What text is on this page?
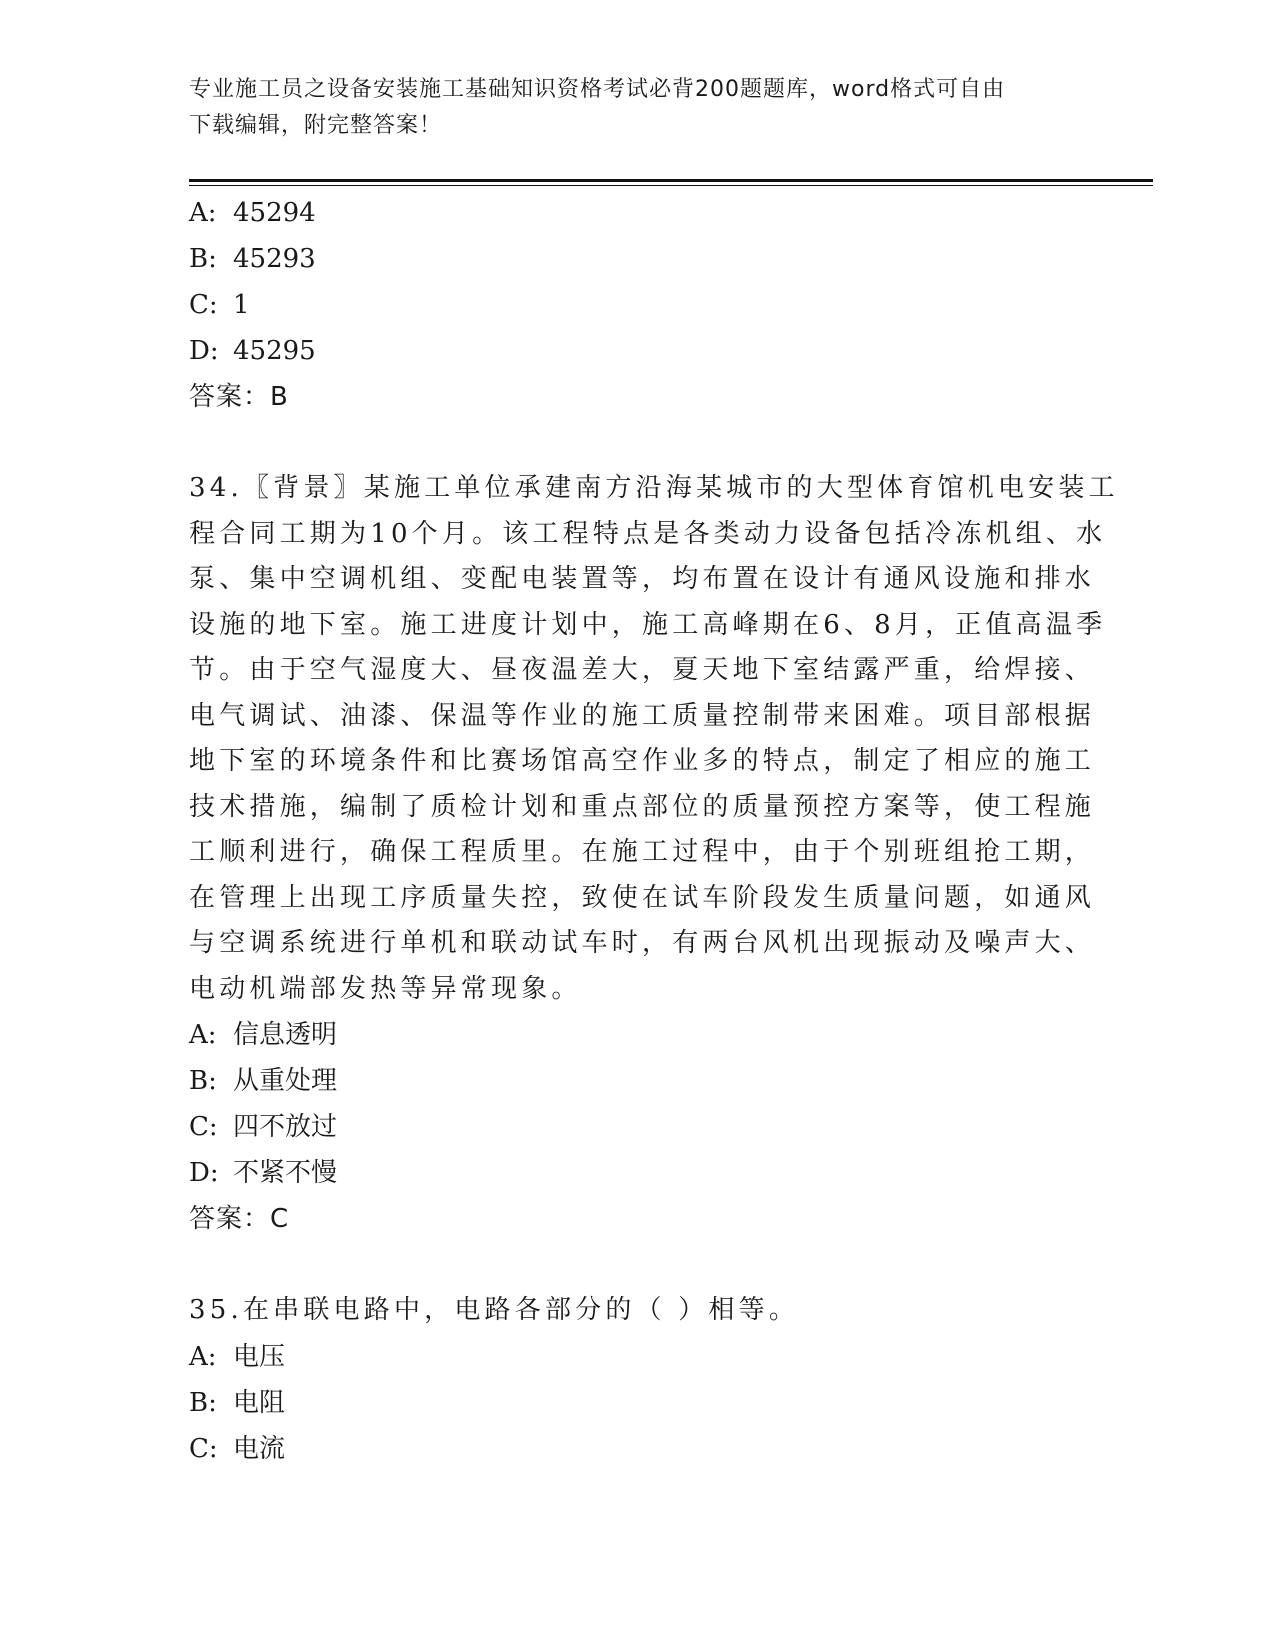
专业施工员之设备安装施工基础知识资格考试必背200题题库，word格式可自由
下载编辑，附完整答案！
A: 45294
B: 45293
C: 1
D: 45295
答案：B
34.〖背景〗某施工单位承建南方沿海某城市的大型体育馆机电安装工
程合同工期为10个月。该工程特点是各类动力设备包括冷冻机组、水
泵、集中空调机组、变配电装置等，均布置在设计有通风设施和排水
设施的地下室。施工进度计划中，施工高峰期在6、8月，正值高温季
节。由于空气湿度大、昼夜温差大，夏天地下室结露严重，给焊接、
电气调试、油漆、保温等作业的施工质量控制带来困难。项目部根据
地下室的环境条件和比赛场馆高空作业多的特点，制定了相应的施工
技术措施，编制了质检计划和重点部位的质量预控方案等，使工程施
工顺利进行，确保工程质里。在施工过程中，由于个别班组抢工期，
在管理上出现工序质量失控，致使在试车阶段发生质量问题，如通风
与空调系统进行单机和联动试车时，有两台风机出现振动及噪声大、
电动机端部发热等异常现象。
A: 信息透明
B: 从重处理
C: 四不放过
D: 不紧不慢
答案：C
35.在串联电路中，电路各部分的（ ）相等。
A: 电压
B: 电阻
C: 电流
